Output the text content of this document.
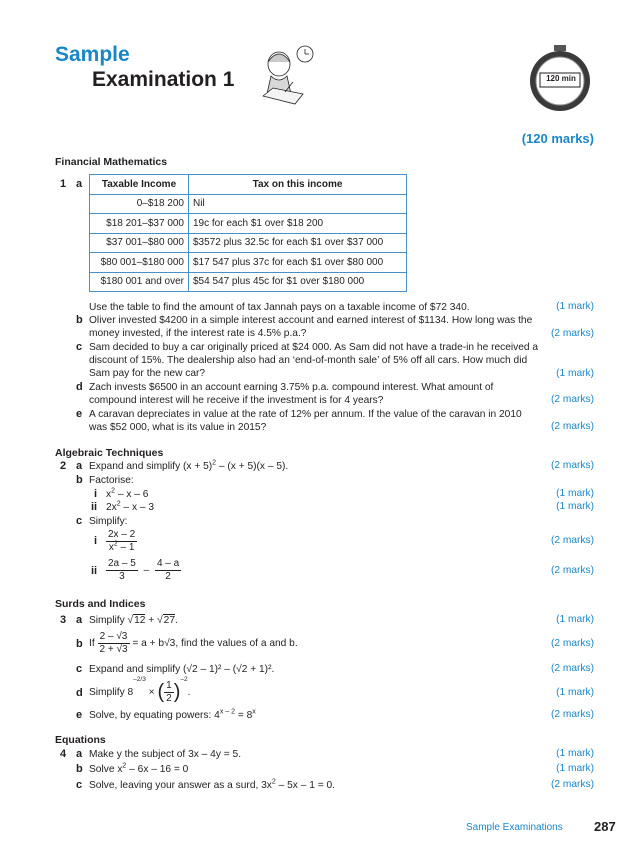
Sample
Examination 1	120 min
(120 marks)
Financial Mathematics
1 a Taxable Income	Tax on this income
0–$18 200	Nil
$18 201–$37 000	19c for each $1 over $18 200
$37 001–$80 000	$3572 plus 32.5c for each $1 over $37 000
$80 001–$180 000	$17 547 plus 37c for each $1 over $80 000
$180 001 and over	$54 547 plus 45c for $1 over $180 000
Use the table to find the amount of tax Jannah pays on a taxable income of $72 340.	(1 mark)
b Oliver invested $4200 in a simple interest account and earned interest of $1134. How long was the money invested, if the interest rate is 4.5% p.a.?	(2 marks)
c Sam decided to buy a car originally priced at $24 000. As Sam did not have a trade-in he received a discount of 15%. The dealership also had an ‘end-of-month sale’ of 5% off all cars. How much did Sam pay for the new car?	(1 mark)
d Zach invests $6500 in an account earning 3.75% p.a. compound interest. What amount of compound interest will he receive if the investment is for 4 years?	(2 marks)
e A caravan depreciates in value at the rate of 12% per annum. If the value of the caravan in 2010 was $52 000, what is its value in 2015?	(2 marks)
Algebraic Techniques
2 a Expand and simplify $(x + 5)^2 - (x + 5)(x - 5)$.	(2 marks)
b Factorise:
i $x^2$ – x – 6	(1 mark)
ii $2x^2$ – x – 3	(1 mark)
c Simplify:
i $\frac{2x - 2}{x^2 - 1}$	(2 marks)
ii $\frac{2a - 5}{3} - \frac{4 - a}{2}$	(2 marks)
Surds and Indices
3 a Simplify √12 + √27.	(1 mark)
b If $\frac{2 - √3}{2 + √3} = a + b√3$, find the values of a and b.	(2 marks)
c Expand and simplify (√2 – 1)² – (√2 + 1)².	(2 marks)
d Simplify $8^{-2/3}$ × ( $\frac{1}{2} )^{-2}$.	(1 mark)
e Solve, by equating powers: $4^{x - 2} = 8^x$	(2 marks)
Equations
4 a Make y the subject of 3x – 4y = 5.	(1 mark)
b Solve $x^2 - 6x - 16 = 0$	(1 mark)
c Solve, leaving your answer as a surd, $3x^2 - 5x - 1 = 0$.	(2 marks)
Sample Examinations 287
